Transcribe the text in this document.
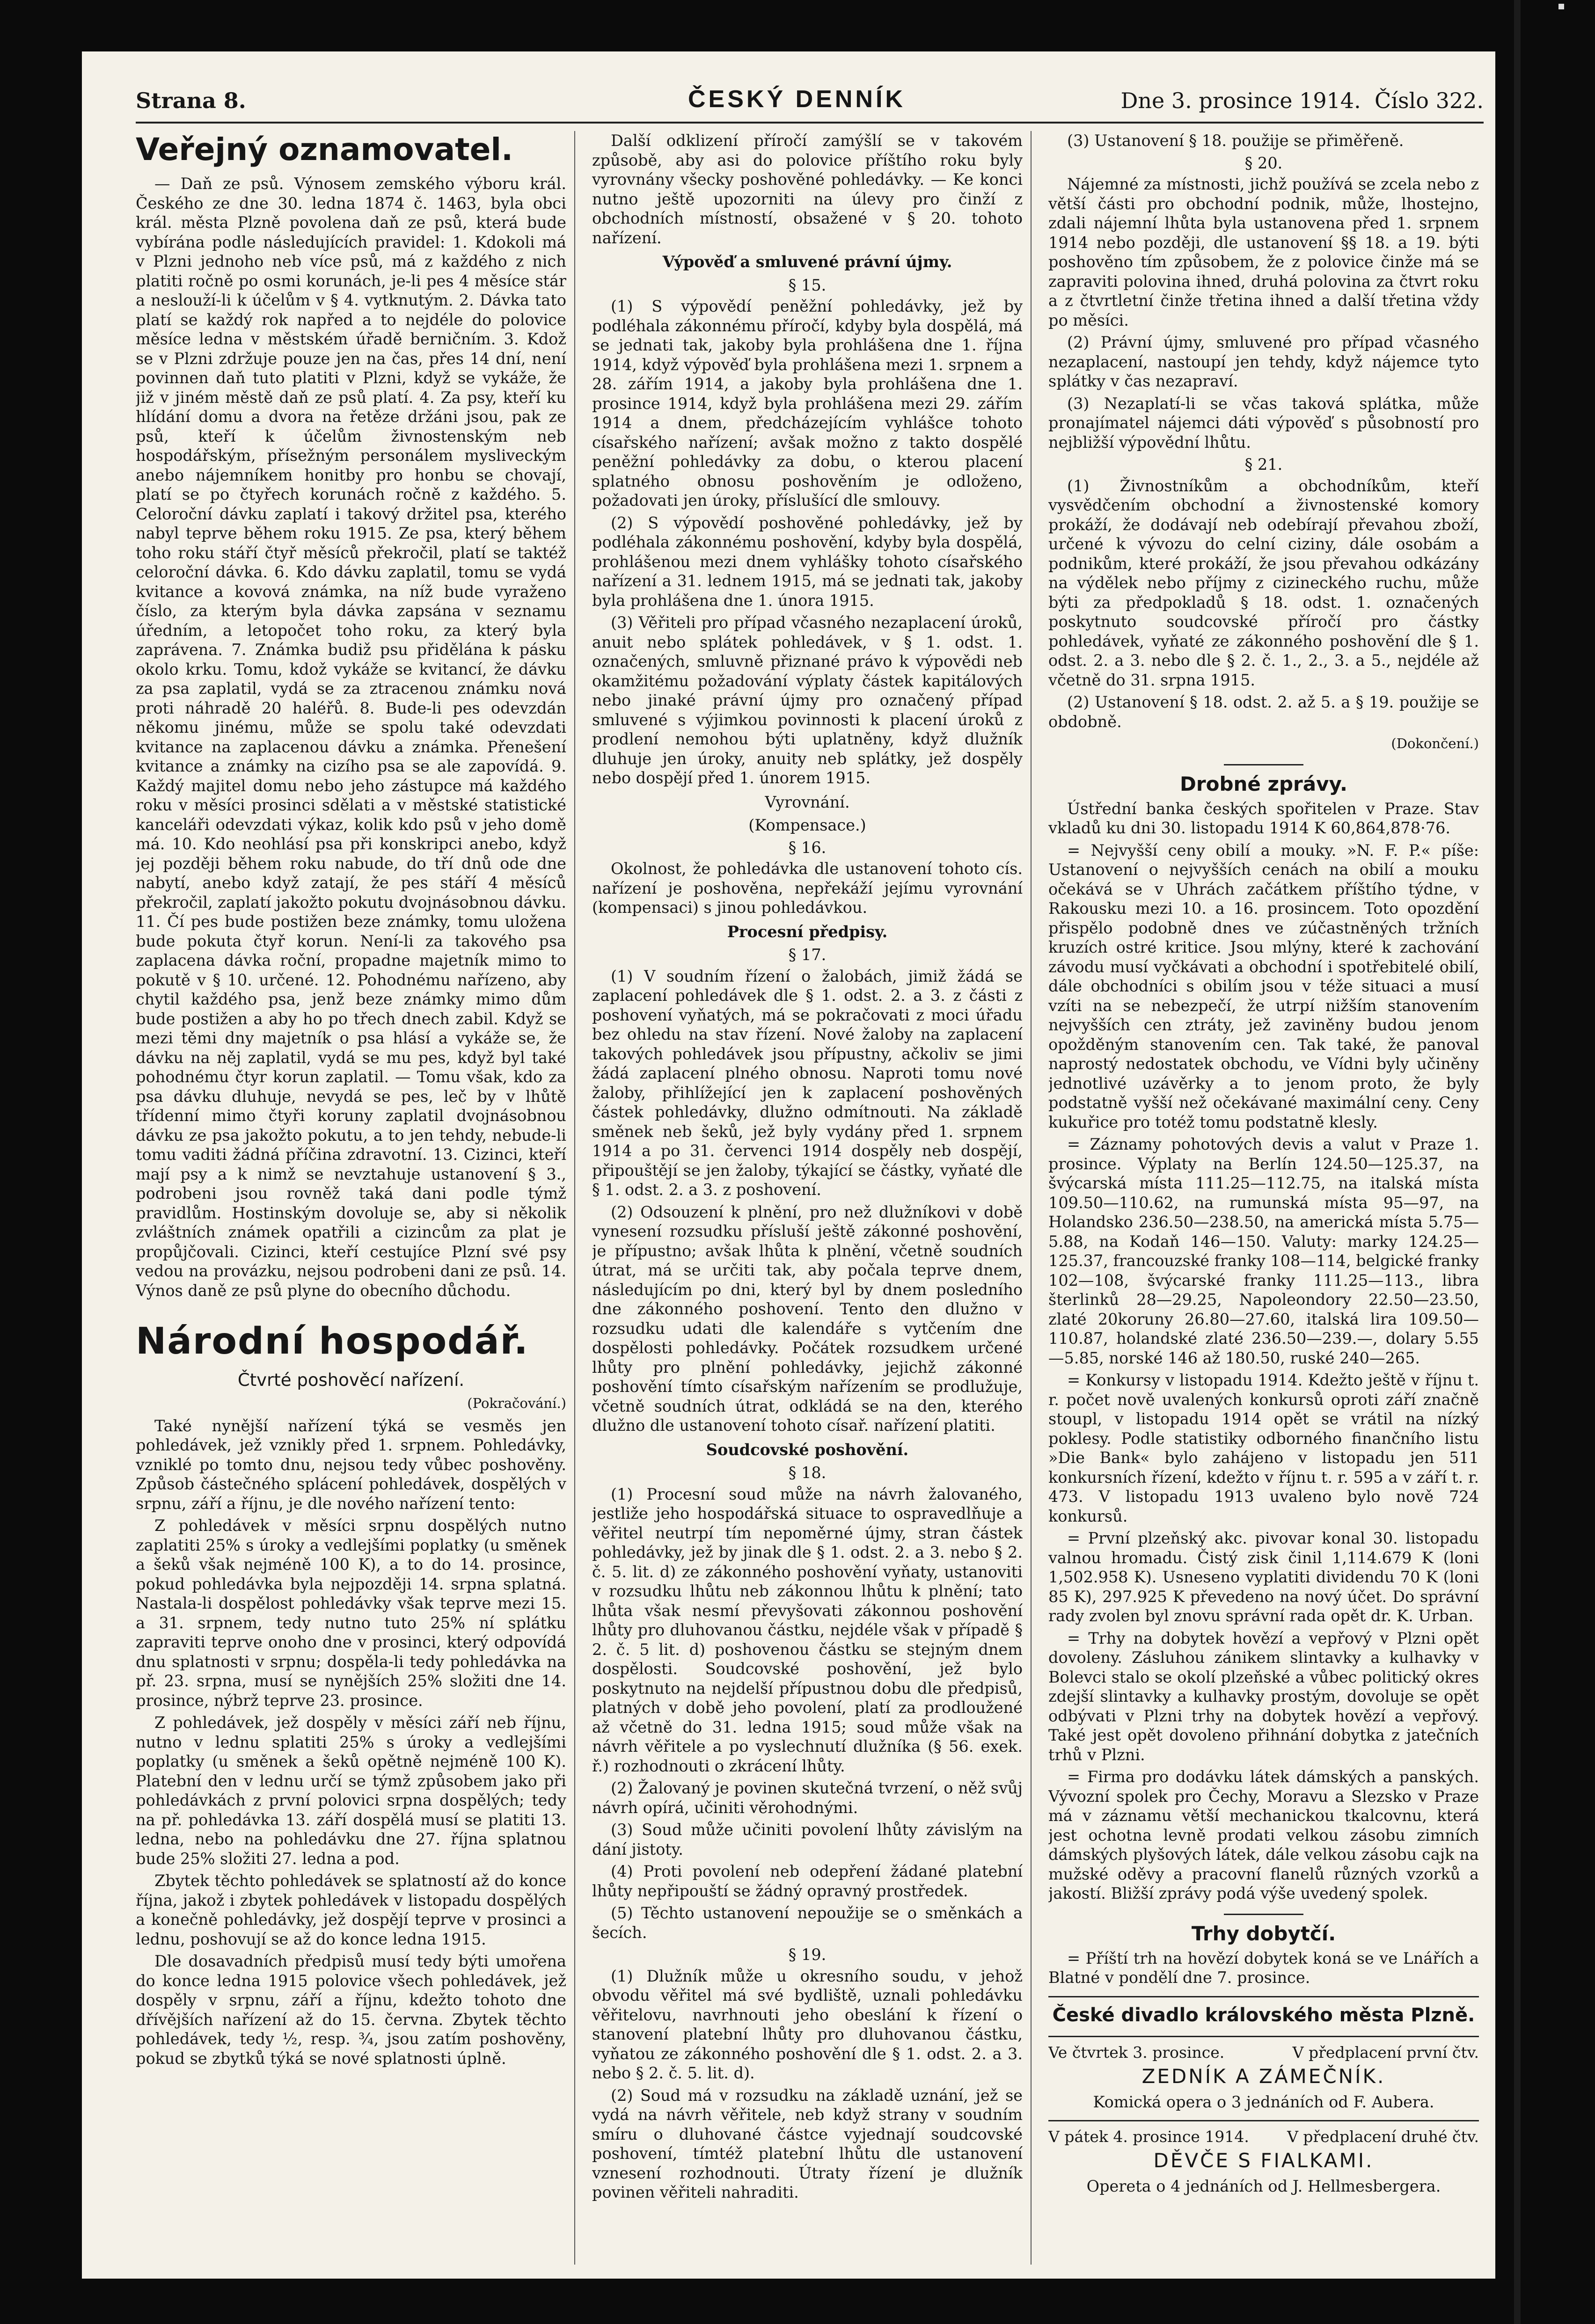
Strana 8.	ČESKÝ DENNÍK	Dne 3. prosince 1914. Číslo 322.
Veřejný oznamovatel.

— Daň ze psů. Výnosem zemského výboru král. Českého ze dne 30. ledna 1874 č. 1463, byla obci král. města Plzně povolena daň ze psů, která bude vybírána podle následujících pravidel: 1. Kdokoli má v Plzni jednoho neb více psů, má z každého z nich platiti ročně po osmi korunách, je-li pes 4 měsíce stár a neslouží-li k účelům v § 4. vytknutým. 2. Dávka tato platí se každý rok napřed a to nejdéle do polovice měsíce ledna v městském úřadě berničním. 3. Kdož se v Plzni zdržuje pouze jen na čas, přes 14 dní, není povinnen daň tuto platiti v Plzni, když se vykáže, že již v jiném městě daň ze psů platí. 4. Za psy, kteří ku hlídání domu a dvora na řetěze držáni jsou, pak ze psů, kteří k účelům živnostenským neb hospodářským, přísežným personálem mysliveckým anebo nájemníkem honitby pro honbu se chovají, platí se po čtyřech korunách ročně z každého. 5. Celoroční dávku zaplatí i takový držitel psa, kterého nabyl teprve během roku 1915. Ze psa, který během toho roku stáří čtyř měsíců překročil, platí se taktéž celoroční dávka. 6. Kdo dávku zaplatil, tomu se vydá kvitance a kovová známka, na níž bude vyraženo číslo, za kterým byla dávka zapsána v seznamu úředním, a letopočet toho roku, za který byla zaprávena. 7. Známka budiž psu přidělána k pásku okolo krku. Tomu, kdož vykáže se kvitancí, že dávku za psa zaplatil, vydá se za ztracenou známku nová proti náhradě 20 haléřů. 8. Bude-li pes odevzdán někomu jinému, může se spolu také odevzdati kvitance na zaplacenou dávku a známka. Přenešení kvitance a známky na cizího psa se ale zapovídá. 9. Každý majitel domu nebo jeho zástupce má každého roku v měsíci prosinci sdělati a v městské statistické kanceláři odevzdati výkaz, kolik kdo psů v jeho domě má. 10. Kdo neohlásí psa při konskripci anebo, když jej později během roku nabude, do tří dnů ode dne nabytí, anebo když zatají, že pes stáří 4 měsíců překročil, zaplatí jakožto pokutu dvojnásobnou dávku. 11. Čí pes bude postižen beze známky, tomu uložena bude pokuta čtyř korun. Není-li za takového psa zaplacena dávka roční, propadne majetník mimo to pokutě v § 10. určené. 12. Pohodnému nařízeno, aby chytil každého psa, jenž beze známky mimo dům bude postižen a aby ho po třech dnech zabil. Když se mezi těmi dny majetník o psa hlásí a vykáže se, že dávku na něj zaplatil, vydá se mu pes, když byl také pohodnému čtyr korun zaplatil. — Tomu však, kdo za psa dávku dluhuje, nevydá se pes, leč by v lhůtě třídenní mimo čtyři koruny zaplatil dvojnásobnou dávku ze psa jakožto pokutu, a to jen tehdy, nebude-li tomu vaditi žádná příčina zdravotní. 13. Cizinci, kteří mají psy a k nimž se nevztahuje ustanovení § 3., podrobeni jsou rovněž taká dani podle týmž pravidlům. Hostinským dovoluje se, aby si několik zvláštních známek opatřili a cizincům za plat je propůjčovali. Cizinci, kteří cestujíce Plzní své psy vedou na provázku, nejsou podrobeni dani ze psů. 14. Výnos daně ze psů plyne do obecního důchodu.

Národní hospodář.
Čtvrté poshověcí nařízení.

(Pokračování.)

Také nynější nařízení týká se vesměs jen pohledávek, jež vznikly před 1. srpnem. Pohledávky, vzniklé po tomto dnu, nejsou tedy vůbec poshověny. Způsob částečného splácení pohledávek, dospělých v srpnu, září a říjnu, je dle nového nařízení tento:

Z pohledávek v měsíci srpnu dospělých nutno zaplatiti 25% s úroky a vedlejšími poplatky (u směnek a šeků však nejméně 100 K), a to do 14. prosince, pokud pohledávka byla nejpozději 14. srpna splatná. Nastala-li dospělost pohledávky však teprve mezi 15. a 31. srpnem, tedy nutno tuto 25% ní splátku zapraviti teprve onoho dne v prosinci, který odpovídá dnu splatnosti v srpnu; dospěla-li tedy pohledávka na př. 23. srpna, musí se nynějších 25% složiti dne 14. prosince, nýbrž teprve 23. prosince.

Z pohledávek, jež dospěly v měsíci září neb říjnu, nutno v lednu splatiti 25% s úroky a vedlejšími poplatky (u směnek a šeků opětně nejméně 100 K). Platební den v lednu určí se týmž způsobem jako při pohledávkách z první polovici srpna dospělých; tedy na př. pohledávka 13. září dospělá musí se platiti 13. ledna, nebo na pohledávku dne 27. října splatnou bude 25% složiti 27. ledna a pod.

Zbytek těchto pohledávek se splatností až do konce října, jakož i zbytek pohledávek v listopadu dospělých a konečně pohledávky, jež dospějí teprve v prosinci a lednu, poshovují se až do konce ledna 1915.

Dle dosavadních předpisů musí tedy býti umořena do konce ledna 1915 polovice všech pohledávek, jež dospěly v srpnu, září a říjnu, kdežto tohoto dne dřívějších nařízení až do 15. června. Zbytek těchto pohledávek, tedy ½, resp. ¾, jsou zatím poshověny, pokud se zbytků týká se nové splatnosti úplně.

Další odklizení příročí zamýšlí se v takovém způsobě, aby asi do polovice příštího roku byly vyrovnány všecky poshověné pohledávky. — Ke konci nutno ještě upozorniti na úlevy pro činží z obchodních místností, obsažené v § 20. tohoto nařízení.

Výpověď a smluvené právní újmy.

§ 15.

(1) S výpovědí peněžní pohledávky, jež by podléhala zákonnému příročí, kdyby byla dospělá, má se jednati tak, jakoby byla prohlášena dne 1. října 1914, když výpověď byla prohlášena mezi 1. srpnem a 28. zářím 1914, a jakoby byla prohlášena dne 1. prosince 1914, když byla prohlášena mezi 29. zářím 1914 a dnem, předcházejícím vyhlášce tohoto císařského nařízení; avšak možno z takto dospělé peněžní pohledávky za dobu, o kterou placení splatného obnosu poshověním je odloženo, požadovati jen úroky, příslušící dle smlouvy.

(2) S výpovědí poshověné pohledávky, jež by podléhala zákonnému poshovění, kdyby byla dospělá, prohlášenou mezi dnem vyhlášky tohoto císařského nařízení a 31. lednem 1915, má se jednati tak, jakoby byla prohlášena dne 1. února 1915.

(3) Věřiteli pro případ včasného nezaplacení úroků, anuit nebo splátek pohledávek, v § 1. odst. 1. označených, smluvně přiznané právo k výpovědi neb okamžitému požadování výplaty částek kapitálových nebo jinaké právní újmy pro označený případ smluvené s výjimkou povinnosti k placení úroků z prodlení nemohou býti uplatněny, když dlužník dluhuje jen úroky, anuity neb splátky, jež dospěly nebo dospějí před 1. únorem 1915.

Vyrovnání.

(Kompensace.)

§ 16.

Okolnost, že pohledávka dle ustanovení tohoto cís. nařízení je poshověna, nepřekáží jejímu vyrovnání (kompensaci) s jinou pohledávkou.

Procesní předpisy.

§ 17.

(1) V soudním řízení o žalobách, jimiž žádá se zaplacení pohledávek dle § 1. odst. 2. a 3. z části z poshovení vyňatých, má se pokračovati z moci úřadu bez ohledu na stav řízení. Nové žaloby na zaplacení takových pohledávek jsou přípustny, ačkoliv se jimi žádá zaplacení plného obnosu. Naproti tomu nové žaloby, přihlížející jen k zaplacení poshověných částek pohledávky, dlužno odmítnouti. Na základě směnek neb šeků, jež byly vydány před 1. srpnem 1914 a po 31. červenci 1914 dospěly neb dospějí, připouštějí se jen žaloby, týkající se částky, vyňaté dle § 1. odst. 2. a 3. z poshovení.

(2) Odsouzení k plnění, pro než dlužníkovi v době vynesení rozsudku přísluší ještě zákonné poshovění, je přípustno; avšak lhůta k plnění, včetně soudních útrat, má se určiti tak, aby počala teprve dnem, následujícím po dni, který byl by dnem posledního dne zákonného poshovení. Tento den dlužno v rozsudku udati dle kalendáře s vytčením dne dospělosti pohledávky. Počátek rozsudkem určené lhůty pro plnění pohledávky, jejichž zákonné poshovění tímto císařským nařízením se prodlužuje, včetně soudních útrat, odkládá se na den, kterého dlužno dle ustanovení tohoto císař. nařízení platiti.

Soudcovské poshovění.

§ 18.

(1) Procesní soud může na návrh žalovaného, jestliže jeho hospodářská situace to ospravedlňuje a věřitel neutrpí tím nepoměrné újmy, stran částek pohledávky, jež by jinak dle § 1. odst. 2. a 3. nebo § 2. č. 5. lit. d) ze zákonného poshovění vyňaty, ustanoviti v rozsudku lhůtu neb zákonnou lhůtu k plnění; tato lhůta však nesmí převyšovati zákonnou poshovění lhůty pro dluhovanou částku, nejdéle však v případě § 2. č. 5 lit. d) poshovenou částku se stejným dnem dospělosti. Soudcovské poshovění, jež bylo poskytnuto na nejdelší přípustnou dobu dle předpisů, platných v době jeho povolení, platí za prodloužené až včetně do 31. ledna 1915; soud může však na návrh věřitele a po vyslechnutí dlužníka (§ 56. exek. ř.) rozhodnouti o zkrácení lhůty.

(2) Žalovaný je povinen skutečná tvrzení, o něž svůj návrh opírá, učiniti věrohodnými.

(3) Soud může učiniti povolení lhůty závislým na dání jistoty.

(4) Proti povolení neb odepření žádané platební lhůty nepřipouští se žádný opravný prostředek.

(5) Těchto ustanovení nepoužije se o směnkách a šecích.

§ 19.

(1) Dlužník může u okresního soudu, v jehož obvodu věřitel má své bydliště, uznali pohledávku věřitelovu, navrhnouti jeho obeslání k řízení o stanovení platební lhůty pro dluhovanou částku, vyňatou ze zákonného poshovění dle § 1. odst. 2. a 3. nebo § 2. č. 5. lit. d).

(2) Soud má v rozsudku na základě uznání, jež se vydá na návrh věřitele, neb když strany v soudním smíru o dluhované částce vyjednají soudcovské poshovení, tímtéž platební lhůtu dle ustanovení vznesení rozhodnouti. Útraty řízení je dlužník povinen věřiteli nahraditi.

(3) Ustanovení § 18. použije se přiměřeně.

§ 20.

Nájemné za místnosti, jichž používá se zcela nebo z větší části pro obchodní podnik, může, lhostejno, zdali nájemní lhůta byla ustanovena před 1. srpnem 1914 nebo později, dle ustanovení §§ 18. a 19. býti poshověno tím způsobem, že z polovice činže má se zapraviti polovina ihned, druhá polovina za čtvrt roku a z čtvrtletní činže třetina ihned a další třetina vždy po měsíci.

(2) Právní újmy, smluvené pro případ včasného nezaplacení, nastoupí jen tehdy, když nájemce tyto splátky v čas nezapraví.

(3) Nezaplatí-li se včas taková splátka, může pronajímatel nájemci dáti výpověď s působností pro nejbližší výpovědní lhůtu.

§ 21.

(1) Živnostníkům a obchodníkům, kteří vysvědčením obchodní a živnostenské komory prokáží, že dodávají neb odebírají převahou zboží, určené k vývozu do celní ciziny, dále osobám a podnikům, které prokáží, že jsou převahou odkázány na výdělek nebo příjmy z cizineckého ruchu, může býti za předpokladů § 18. odst. 1. označených poskytnuto soudcovské příročí pro částky pohledávek, vyňaté ze zákonného poshovění dle § 1. odst. 2. a 3. nebo dle § 2. č. 1., 2., 3. a 5., nejdéle až včetně do 31. srpna 1915.

(2) Ustanovení § 18. odst. 2. až 5. a § 19. použije se obdobně.

(Dokončení.)

Drobné zprávy.

Ústřední banka českých spořitelen v Praze. Stav vkladů ku dni 30. listopadu 1914 K 60,864,878·76.

= Nejvyšší ceny obilí a mouky. »N. F. P.« píše: Ustanovení o nejvyšších cenách na obilí a mouku očekává se v Uhrách začátkem příštího týdne, v Rakousku mezi 10. a 16. prosincem. Toto opozdění přispělo podobně dnes ve zúčastněných tržních kruzích ostré kritice. Jsou mlýny, které k zachování závodu musí vyčkávati a obchodní i spotřebitelé obilí, dále obchodníci s obilím jsou v téže situaci a musí vzíti na se nebezpečí, že utrpí nižším stanovením nejvyšších cen ztráty, jež zaviněny budou jenom opožděným stanovením cen. Tak také, že panoval naprostý nedostatek obchodu, ve Vídni byly učiněny jednotlivé uzávěrky a to jenom proto, že byly podstatně vyšší než očekávané maximální ceny. Ceny kukuřice pro totéž tomu podstatně klesly.

= Záznamy pohotových devis a valut v Praze 1. prosince. Výplaty na Berlín 124.50—125.37, na švýcarská místa 111.25—112.75, na italská místa 109.50—110.62, na rumunská místa 95—97, na Holandsko 236.50—238.50, na americká místa 5.75—5.88, na Kodaň 146—150. Valuty: marky 124.25—125.37, francouzské franky 108—114, belgické franky 102—108, švýcarské franky 111.25—113., libra šterlinků 28—29.25, Napoleondory 22.50—23.50, zlaté 20koruny 26.80—27.60, italská lira 109.50—110.87, holandské zlaté 236.50—239.—, dolary 5.55—5.85, norské 146 až 180.50, ruské 240—265.

= Konkursy v listopadu 1914. Kdežto ještě v říjnu t. r. počet nově uvalených konkursů oproti září značně stoupl, v listopadu 1914 opět se vrátil na nízký poklesy. Podle statistiky odborného finančního listu »Die Bank« bylo zahájeno v listopadu jen 511 konkursních řízení, kdežto v říjnu t. r. 595 a v září t. r. 473. V listopadu 1913 uvaleno bylo nově 724 konkursů.

= První plzeňský akc. pivovar konal 30. listopadu valnou hromadu. Čistý zisk činil 1,114.679 K (loni 1,502.958 K). Usneseno vyplatiti dividendu 70 K (loni 85 K), 297.925 K převedeno na nový účet. Do správní rady zvolen byl znovu správní rada opět dr. K. Urban.

= Trhy na dobytek hovězí a vepřový v Plzni opět dovoleny. Zásluhou zánikem slintavky a kulhavky v Bolevci stalo se okolí plzeňské a vůbec politický okres zdejší slintavky a kulhavky prostým, dovoluje se opět odbývati v Plzni trhy na dobytek hovězí a vepřový. Také jest opět dovoleno přihnání dobytka z jatečních trhů v Plzni.

= Firma pro dodávku látek dámských a panských. Vývozní spolek pro Čechy, Moravu a Slezsko v Praze má v záznamu větší mechanickou tkalcovnu, která jest ochotna levně prodati velkou zásobu zimních dámských plyšových látek, dále velkou zásobu cajk na mužské oděvy a pracovní flanelů různých vzorků a jakostí. Bližší zprávy podá výše uvedený spolek.

Trhy dobytčí.

= Příští trh na hovězí dobytek koná se ve Lnářích a Blatné v pondělí dne 7. prosince.

České divadlo královského města Plzně.
Ve čtvrtek 3. prosince.	V předplacení první čtv.
ZEDNÍK A ZÁMEČNÍK.

Komická opera o 3 jednáních od F. Aubera.

V pátek 4. prosince 1914. V předplacení druhé čtv.
DĚVČE S FIALKAMI.

Opereta o 4 jednáních od J. Hellmesbergera.
